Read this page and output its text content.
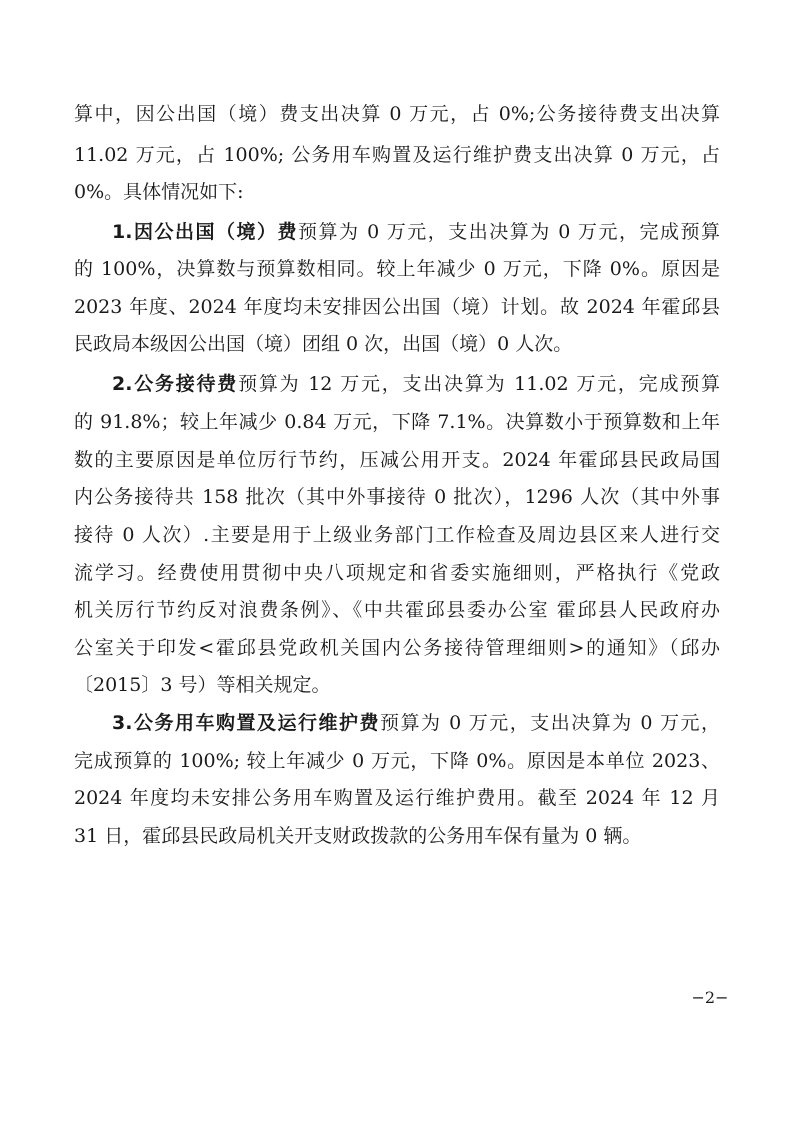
算中，因公出国（境）费支出决算 0 万元，占 0%;公务接待费支出决算
11.02 万元，占 100%; 公务用车购置及运行维护费支出决算 0 万元，占
0%。具体情况如下:
1.因公出国（境）费预算为 0 万元，支出决算为 0 万元，完成预算
的 100%，决算数与预算数相同。较上年减少 0 万元，下降 0%。原因是
2023 年度、2024 年度均未安排因公出国（境）计划。故 2024 年霍邱县
民政局本级因公出国（境）团组 0 次，出国（境）0 人次。
2.公务接待费预算为 12 万元，支出决算为 11.02 万元，完成预算
的 91.8%；较上年减少 0.84 万元，下降 7.1%。决算数小于预算数和上年
数的主要原因是单位厉行节约，压减公用开支。2024 年霍邱县民政局国
内公务接待共 158 批次（其中外事接待 0 批次），1296 人次（其中外事
接待 0 人次）.主要是用于上级业务部门工作检查及周边县区来人进行交
流学习。经费使用贯彻中央八项规定和省委实施细则，严格执行《党政
机关厉行节约反对浪费条例》、《中共霍邱县委办公室 霍邱县人民政府办
公室关于印发<霍邱县党政机关国内公务接待管理细则>的通知》（邱办
〔2015〕3 号）等相关规定。
3.公务用车购置及运行维护费预算为 0 万元，支出决算为 0 万元，
完成预算的 100%; 较上年减少 0 万元，下降 0%。原因是本单位 2023、
2024 年度均未安排公务用车购置及运行维护费用。截至 2024 年 12 月
31 日，霍邱县民政局机关开支财政拨款的公务用车保有量为 0 辆。
−2−
